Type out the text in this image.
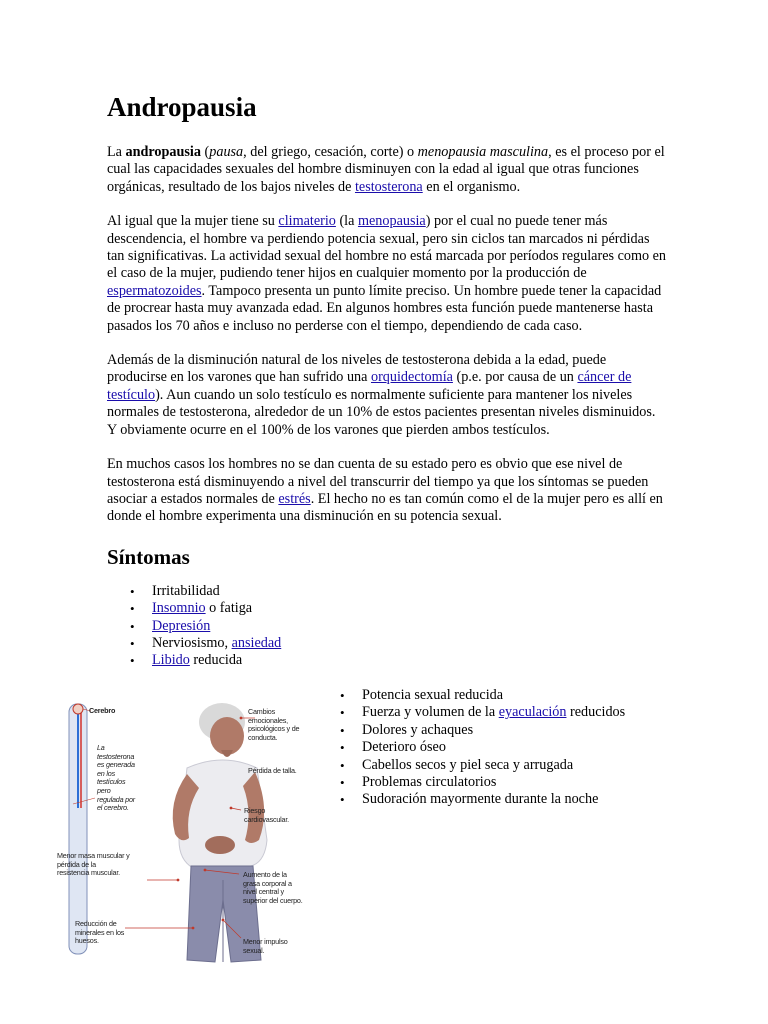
Andropausia

La andropausia (pausa, del griego, cesación, corte) o menopausia masculina, es el proceso por el cual las capacidades sexuales del hombre disminuyen con la edad al igual que otras funciones orgánicas, resultado de los bajos niveles de testosterona en el organismo.

Al igual que la mujer tiene su climaterio (la menopausia) por el cual no puede tener más descendencia, el hombre va perdiendo potencia sexual, pero sin ciclos tan marcados ni pérdidas tan significativas. La actividad sexual del hombre no está marcada por períodos regulares como en el caso de la mujer, pudiendo tener hijos en cualquier momento por la producción de espermatozoides. Tampoco presenta un punto límite preciso. Un hombre puede tener la capacidad de procrear hasta muy avanzada edad. En algunos hombres esta función puede mantenerse hasta pasados los 70 años e incluso no perderse con el tiempo, dependiendo de cada caso.

Además de la disminución natural de los niveles de testosterona debida a la edad, puede producirse en los varones que han sufrido una orquidectomía (p.e. por causa de un cáncer de testículo). Aun cuando un solo testículo es normalmente suficiente para mantener los niveles normales de testosterona, alrededor de un 10% de estos pacientes presentan niveles disminuidos. Y obviamente ocurre en el 100% de los varones que pierden ambos testículos.

En muchos casos los hombres no se dan cuenta de su estado pero es obvio que ese nivel de testosterona está disminuyendo a nivel del transcurrir del tiempo ya que los síntomas se pueden asociar a estados normales de estrés. El hecho no es tan común como el de la mujer pero es allí en donde el hombre experimenta una disminución en su potencia sexual.

Síntomas
• Irritabilidad
• Insomnio o fatiga
• Depresión
• Nerviosismo, ansiedad
• Libido reducida
• Potencia sexual reducida
• Fuerza y volumen de la eyaculación reducidos
• Dolores y achaques
• Deterioro óseo
• Cabellos secos y piel seca y arrugada
• Problemas circulatorios
• Sudoración mayormente durante la noche
Cerebro
La
testosterona
es generada
en los
testículos
pero
regulada por
el cerebro.
Cambios
emocionales,
psicológicos y de
conducta.
Pérdida de talla.
Riesgo
cardiovascular.
Menor masa muscular y
pérdida de la
resistencia muscular.	Aumento de la
grasa corporal a
nivel central y
superior del cuerpo.
Reducción de
minerales en los
huesos.	Menor impulso
sexual.
